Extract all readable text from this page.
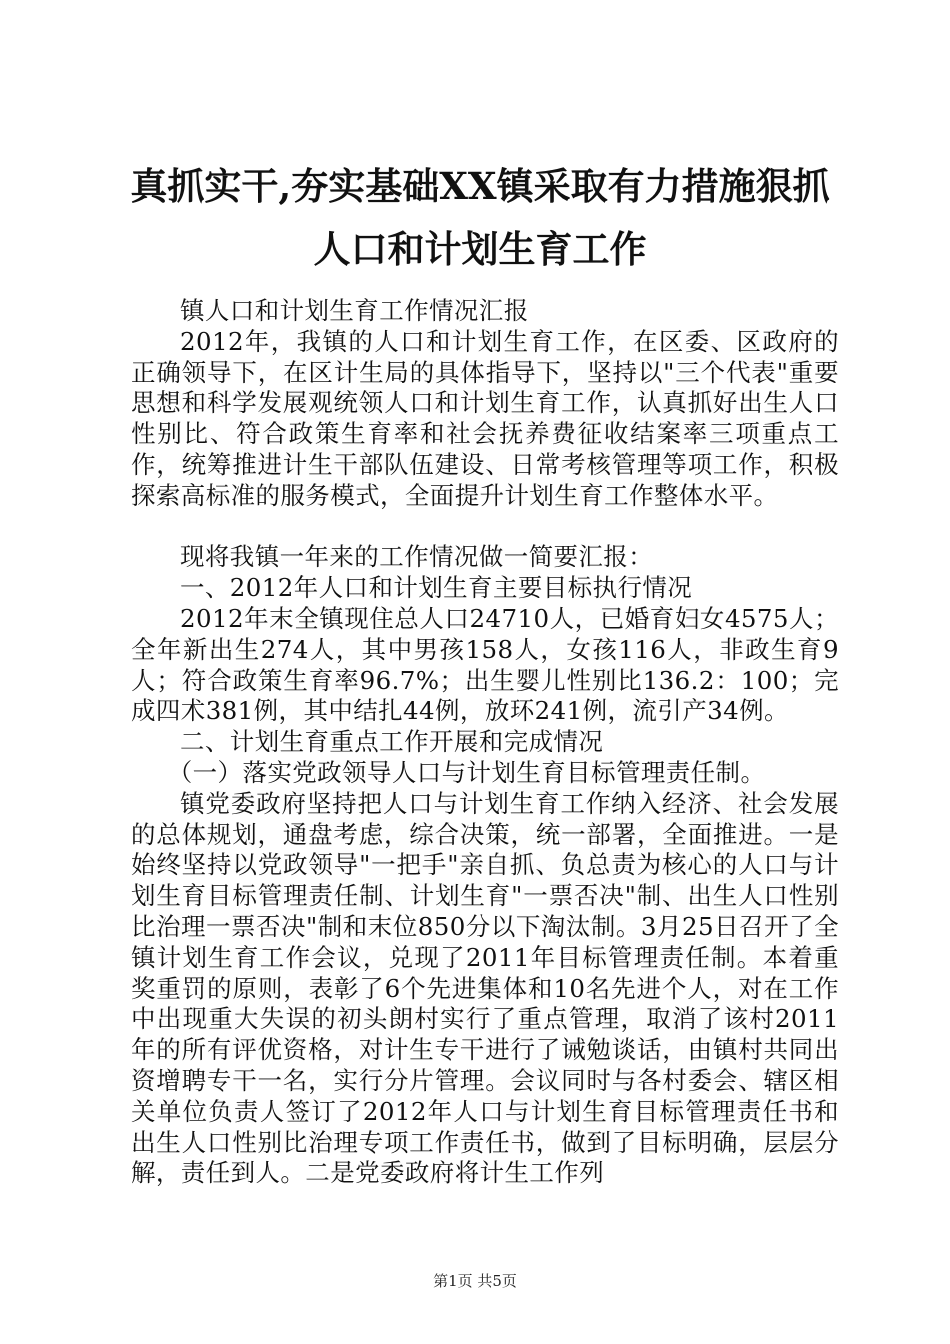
真抓实干,夯实基础XX镇采取有力措施狠抓人口和计划生育工作

镇人口和计划生育工作情况汇报

2012年，我镇的人口和计划生育工作，在区委、区政府的正确领导下，在区计生局的具体指导下，坚持以"三个代表"重要思想和科学发展观统领人口和计划生育工作，认真抓好出生人口性别比、符合政策生育率和社会抚养费征收结案率三项重点工作，统筹推进计生干部队伍建设、日常考核管理等项工作，积极探索高标准的服务模式，全面提升计划生育工作整体水平。

现将我镇一年来的工作情况做一简要汇报：

一、2012年人口和计划生育主要目标执行情况

2012年末全镇现住总人口24710人，已婚育妇女4575人；全年新出生274人，其中男孩158人，女孩116人，非政生育9人；符合政策生育率96.7%；出生婴儿性别比136.2：100；完成四术381例，其中结扎44例，放环241例，流引产34例。

二、计划生育重点工作开展和完成情况

（一）落实党政领导人口与计划生育目标管理责任制。

镇党委政府坚持把人口与计划生育工作纳入经济、社会发展的总体规划，通盘考虑，综合决策，统一部署，全面推进。一是始终坚持以党政领导"一把手"亲自抓、负总责为核心的人口与计划生育目标管理责任制、计划生育"一票否决"制、出生人口性别比治理一票否决"制和末位850分以下淘汰制。3月25日召开了全镇计划生育工作会议，兑现了2011年目标管理责任制。本着重奖重罚的原则，表彰了6个先进集体和10名先进个人，对在工作中出现重大失误的初头朗村实行了重点管理，取消了该村2011年的所有评优资格，对计生专干进行了诫勉谈话，由镇村共同出资增聘专干一名，实行分片管理。会议同时与各村委会、辖区相关单位负责人签订了2012年人口与计划生育目标管理责任书和出生人口性别比治理专项工作责任书，做到了目标明确，层层分解，责任到人。二是党委政府将计生工作列

第1页 共5页
